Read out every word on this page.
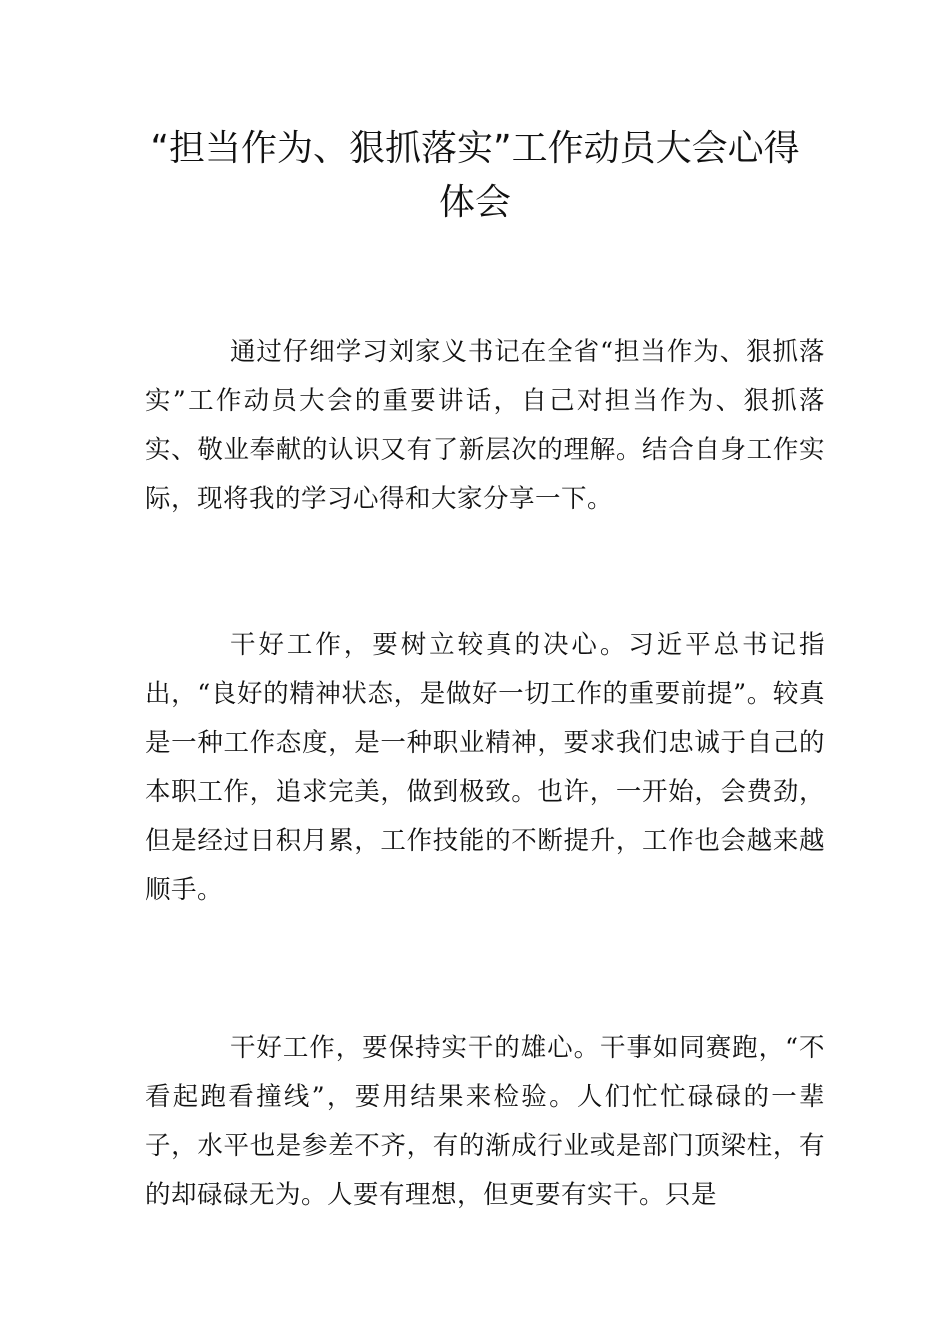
“担当作为、狠抓落实”工作动员大会心得体会

通过仔细学习刘家义书记在全省“担当作为、狠抓落实”工作动员大会的重要讲话，自己对担当作为、狠抓落实、敬业奉献的认识又有了新层次的理解。结合自身工作实际，现将我的学习心得和大家分享一下。

干好工作，要树立较真的决心。习近平总书记指出，“良好的精神状态，是做好一切工作的重要前提”。较真是一种工作态度，是一种职业精神，要求我们忠诚于自己的本职工作，追求完美，做到极致。也许，一开始，会费劲，但是经过日积月累，工作技能的不断提升，工作也会越来越顺手。

干好工作，要保持实干的雄心。干事如同赛跑，“不看起跑看撞线”，要用结果来检验。人们忙忙碌碌的一辈子，水平也是参差不齐，有的渐成行业或是部门顶梁柱，有的却碌碌无为。人要有理想，但更要有实干。只是
